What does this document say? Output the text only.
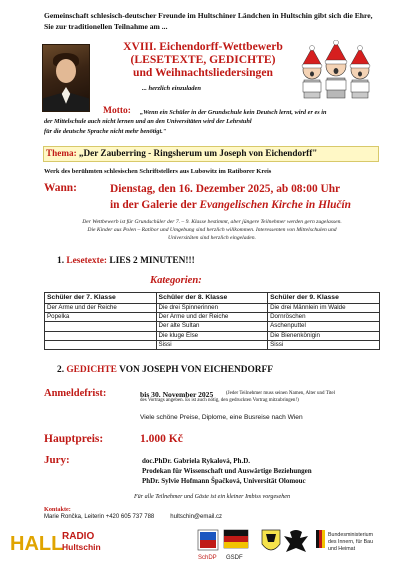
Gemeinschaft schlesisch-deutscher Freunde im Hultschiner Ländchen in Hultschin gibt sich die Ehre, Sie zur traditionellen Teilnahme am ...
XVIII. Eichendorff-Wettbewerb
(LESETEXTE, GEDICHTE)
und Weihnachtsliedersingen
... herzlich einzuladen
Motto: „Wenn ein Schüler in der Grundschule kein Deutsch lernt, wird er es in
der Mittelschule auch nicht lernen und an den Universitäten wird der Lehrstuhl
für die deutsche Sprache nicht mehr benötigt."
Thema: „Der Zauberring - Ringsherum um Joseph von Eichendorff"
Werk des berühmten schlesischen Schriftstellers aus Lubowitz im Ratiborer Kreis
Wann:	Dienstag, den 16. Dezember 2025, ab 08:00 Uhr
in der Galerie der Evangelischen Kirche in Hlučín
Der Wettbewerb ist für Grundschüler der 7. – 9. Klasse bestimmt, aber jüngere Teilnehmer werden gern zugelassen.
Die Kinder aus Polen – Ratibor und Umgebung sind herzlich willkommen. Interessenten von Mittelschulen und
Universitäten sind herzlich eingeladen.
1. Lesetexte: LIES 2 MINUTEN!!!
Kategorien:
Schüler der 7. Klasse	Schüler der 8. Klasse	Schüler der 9. Klasse
Der Arme und der Reiche	Die drei Spinnerinnen	Die drei Männlein im Walde
Popelka	Der Arme und der Reiche	Dornröschen
	Der alte Sultan	Aschenputtel
	Die kluge Else	Die Bienenkönigin
	Sissi	Sissi
2. GEDICHTE VON JOSEPH VON EICHENDORFF
Anmeldefrist:	bis 30. November 2025	(Jeder Teilnehmer muss seinen Namen, Alter und Titel
des Vortrags angeben. Es ist auch nötig, den gedruckten Vortrag mitzubringen!)
Viele schöne Preise, Diplome, eine Busreise nach Wien
Hauptpreis:	1.000 Kč
Jury:	doc.PhDr. Gabriela Rykalová, Ph.D.
Prodekan für Wissenschaft und Auswärtige Beziehungen
PhDr. Sylvie Hofmann Špačková, Universität Olomouc
Für alle Teilnehmer und Gäste ist ein kleiner Imbiss vorgesehen
Kontakte:
Marie Rončka, Leiterin +420 605 737 788	hultschin@email.cz
HALL
RADIO
Hultschin
SchDP GSDF
Bundesministerium
des Innern, für Bau
und Heimat
